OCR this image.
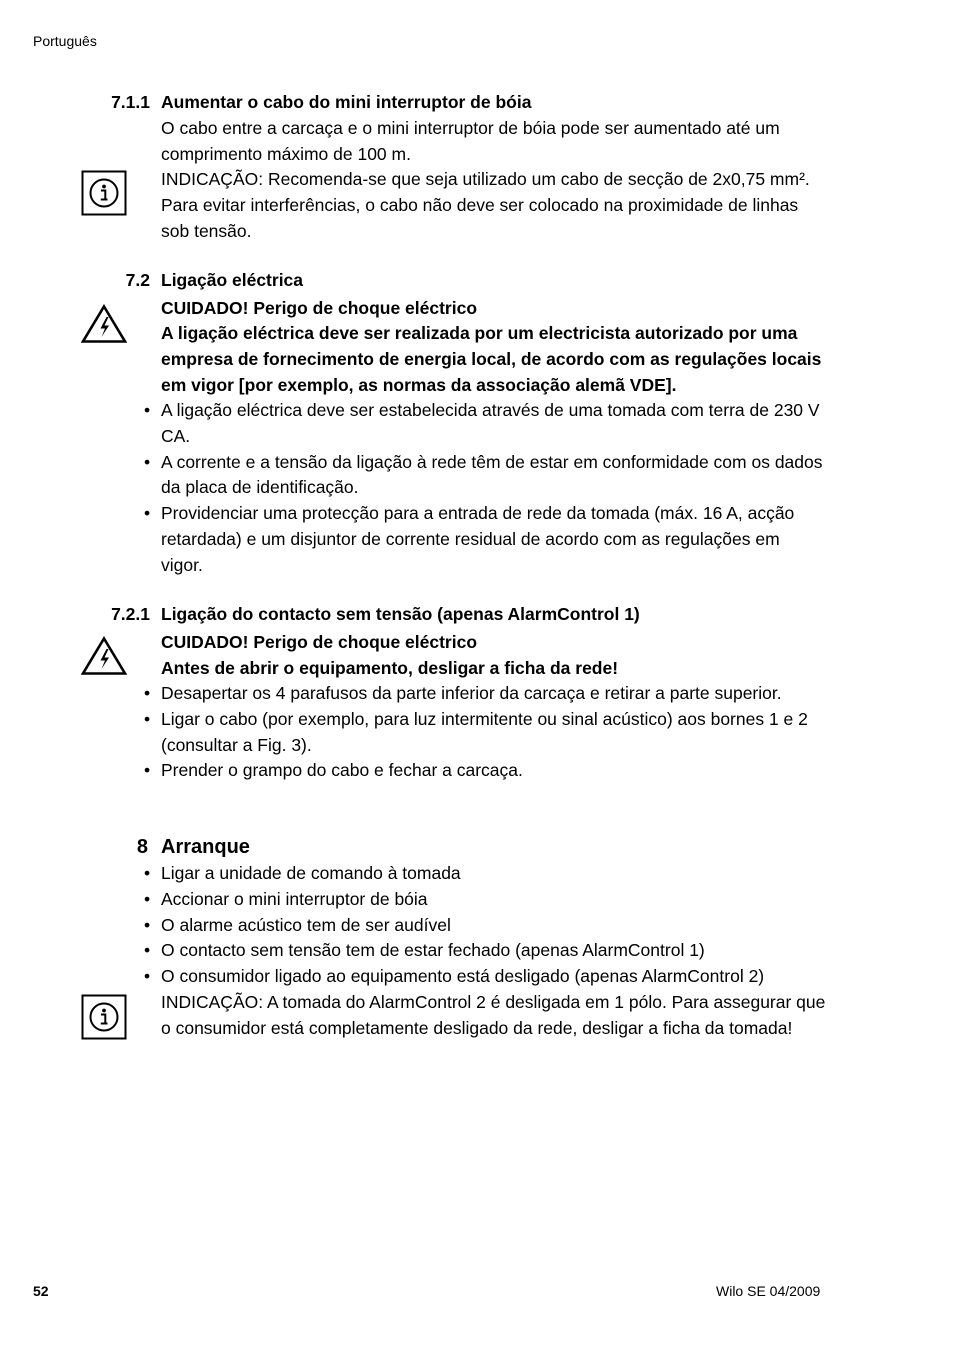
Português
7.1.1 Aumentar o cabo do mini interruptor de bóia
O cabo entre a carcaça e o mini interruptor de bóia pode ser aumentado até um comprimento máximo de 100 m.
INDICAÇÃO: Recomenda-se que seja utilizado um cabo de secção de 2x0,75 mm². Para evitar interferências, o cabo não deve ser colocado na proximidade de linhas sob tensão.
7.2 Ligação eléctrica
CUIDADO! Perigo de choque eléctrico
A ligação eléctrica deve ser realizada por um electricista autorizado por uma empresa de fornecimento de energia local, de acordo com as regulações locais em vigor [por exemplo, as normas da associação alemã VDE].
• A ligação eléctrica deve ser estabelecida através de uma tomada com terra de 230 V CA.
• A corrente e a tensão da ligação à rede têm de estar em conformidade com os dados da placa de identificação.
• Providenciar uma protecção para a entrada de rede da tomada (máx. 16 A, acção retardada) e um disjuntor de corrente residual de acordo com as regulações em vigor.
7.2.1 Ligação do contacto sem tensão (apenas AlarmControl 1)
CUIDADO! Perigo de choque eléctrico
Antes de abrir o equipamento, desligar a ficha da rede!
• Desapertar os 4 parafusos da parte inferior da carcaça e retirar a parte superior.
• Ligar o cabo (por exemplo, para luz intermitente ou sinal acústico) aos bornes 1 e 2 (consultar a Fig. 3).
• Prender o grampo do cabo e fechar a carcaça.
8 Arranque
• Ligar a unidade de comando à tomada
• Accionar o mini interruptor de bóia
• O alarme acústico tem de ser audível
• O contacto sem tensão tem de estar fechado (apenas AlarmControl 1)
• O consumidor ligado ao equipamento está desligado (apenas AlarmControl 2)
INDICAÇÃO: A tomada do AlarmControl 2 é desligada em 1 pólo. Para assegurar que o consumidor está completamente desligado da rede, desligar a ficha da tomada!
52	Wilo SE 04/2009
